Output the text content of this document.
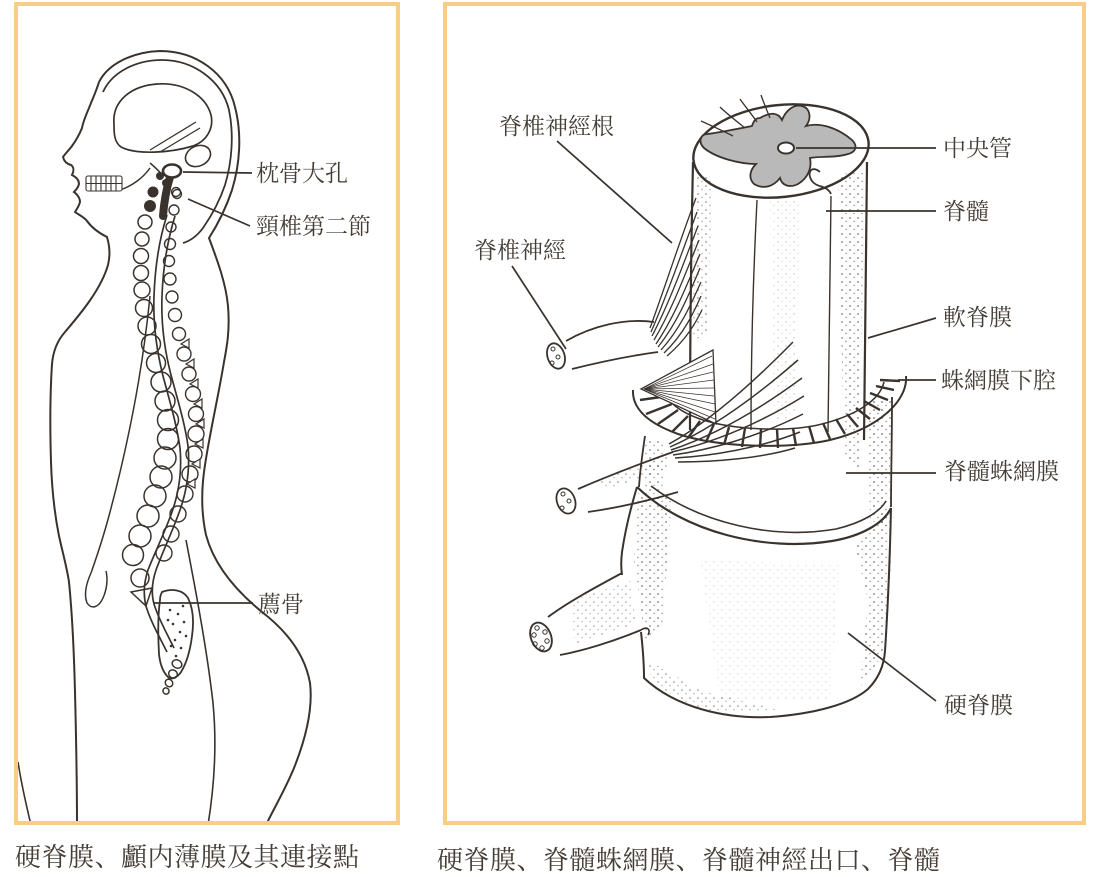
枕骨大孔
頸椎第二節
薦骨
脊椎神經根
脊椎神經
中央管
脊髓
軟脊膜
蛛網膜下腔
脊髓蛛網膜
硬脊膜
硬脊膜、顱内薄膜及其連接點	硬脊膜、脊髓蛛網膜、脊髓神經出口、脊髓
